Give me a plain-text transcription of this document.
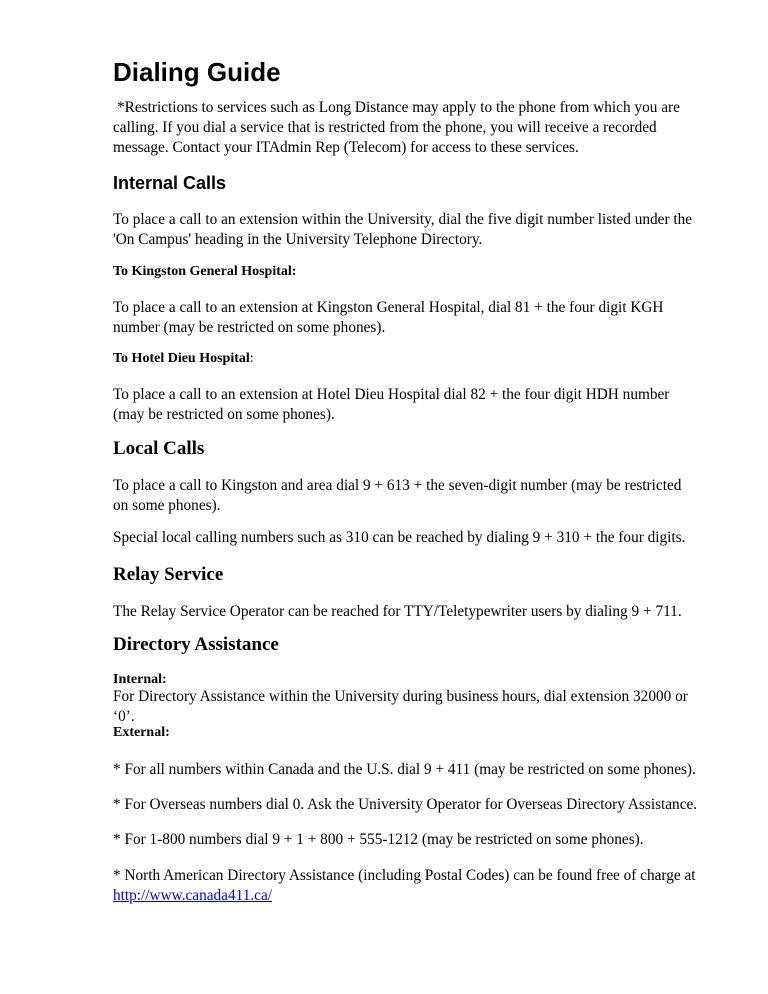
Dialing Guide

*Restrictions to services such as Long Distance may apply to the phone from which you are calling. If you dial a service that is restricted from the phone, you will receive a recorded message. Contact your ITAdmin Rep (Telecom) for access to these services.

Internal Calls

To place a call to an extension within the University, dial the five digit number listed under the 'On Campus' heading in the University Telephone Directory.

To Kingston General Hospital:

To place a call to an extension at Kingston General Hospital, dial 81 + the four digit KGH number (may be restricted on some phones).

To Hotel Dieu Hospital:

To place a call to an extension at Hotel Dieu Hospital dial 82 + the four digit HDH number (may be restricted on some phones).

Local Calls

To place a call to Kingston and area dial 9 + 613 + the seven-digit number (may be restricted on some phones).

Special local calling numbers such as 310 can be reached by dialing 9 + 310 + the four digits.

Relay Service

The Relay Service Operator can be reached for TTY/Teletypewriter users by dialing 9 + 711.

Directory Assistance

Internal:

For Directory Assistance within the University during business hours, dial extension 32000 or ‘0’.

External:

* For all numbers within Canada and the U.S. dial 9 + 411 (may be restricted on some phones).

* For Overseas numbers dial 0. Ask the University Operator for Overseas Directory Assistance.

* For 1-800 numbers dial 9 + 1 + 800 + 555-1212 (may be restricted on some phones).

* North American Directory Assistance (including Postal Codes) can be found free of charge at
http://www.canada411.ca/
